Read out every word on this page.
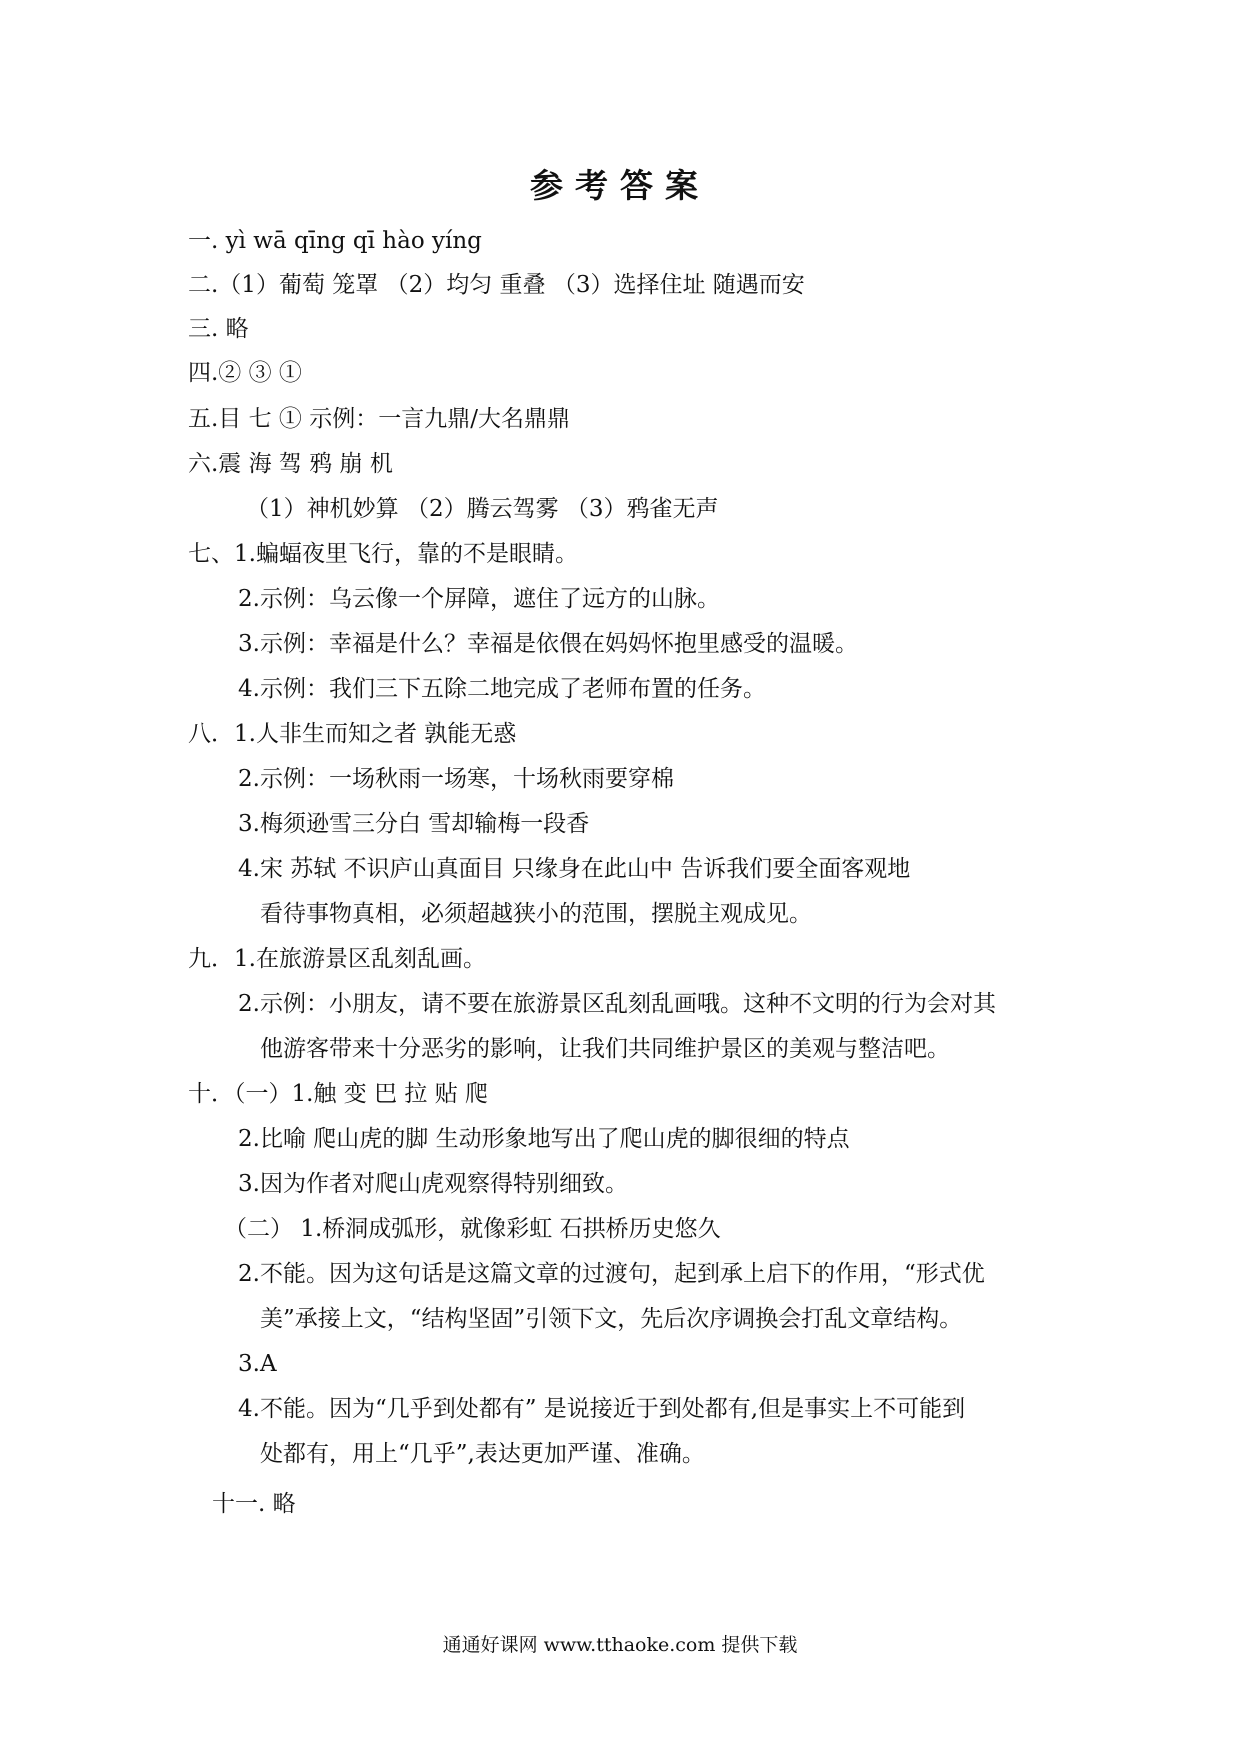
参考答案
一. yì wā qīng qī hào yíng
二.（1）葡萄 笼罩 （2）均匀 重叠 （3）选择住址 随遇而安
三. 略
四.② ③ ①
五.目 七 ① 示例：一言九鼎/大名鼎鼎
六.震 海 驾 鸦 崩 机
（1）神机妙算 （2）腾云驾雾 （3）鸦雀无声
七、1.蝙蝠夜里飞行，靠的不是眼睛。
2.示例：乌云像一个屏障，遮住了远方的山脉。
3.示例：幸福是什么？幸福是依偎在妈妈怀抱里感受的温暖。
4.示例：我们三下五除二地完成了老师布置的任务。
八．1.人非生而知之者 孰能无惑
2.示例：一场秋雨一场寒，十场秋雨要穿棉
3.梅须逊雪三分白 雪却输梅一段香
4.宋 苏轼 不识庐山真面目 只缘身在此山中 告诉我们要全面客观地
看待事物真相，必须超越狭小的范围，摆脱主观成见。
九．1.在旅游景区乱刻乱画。
2.示例：小朋友，请不要在旅游景区乱刻乱画哦。这种不文明的行为会对其
他游客带来十分恶劣的影响，让我们共同维护景区的美观与整洁吧。
十．（一）1.触 变 巴 拉 贴 爬
2.比喻 爬山虎的脚 生动形象地写出了爬山虎的脚很细的特点
3.因为作者对爬山虎观察得特别细致。
（二） 1.桥洞成弧形，就像彩虹 石拱桥历史悠久
2.不能。因为这句话是这篇文章的过渡句，起到承上启下的作用，“形式优
美”承接上文，“结构坚固”引领下文，先后次序调换会打乱文章结构。
3.A
4.不能。因为“几乎到处都有” 是说接近于到处都有,但是事实上不可能到
处都有，用上“几乎”,表达更加严谨、准确。
十一. 略
通通好课网 www.tthaoke.com 提供下载
